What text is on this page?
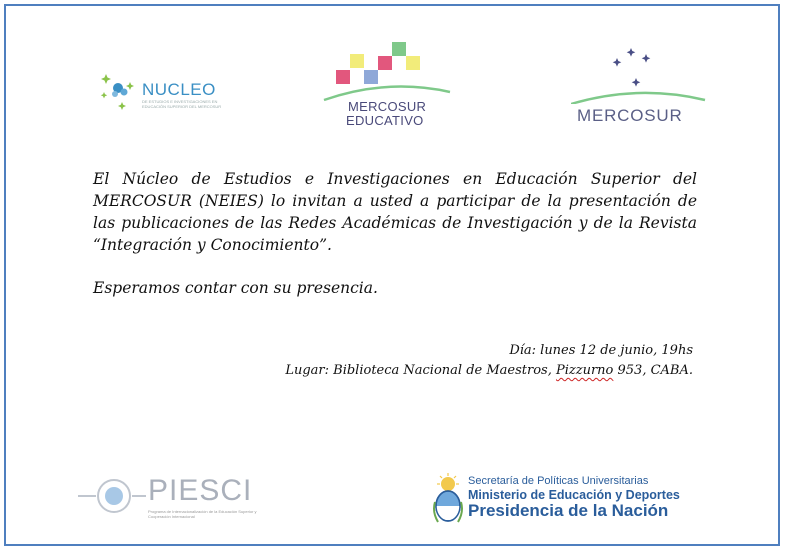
NUCLEO
DE ESTUDIOS E INVESTIGACIONES EN EDUCACIÓN SUPERIOR DEL MERCOSUR	MERCOSUR
EDUCATIVO	MERCOSUR

El Núcleo de Estudios e Investigaciones en Educación Superior del MERCOSUR (NEIES) lo invitan a usted a participar de la presentación de las publicaciones de las Redes Académicas de Investigación y de la Revista “Integración y Conocimiento”.

Esperamos contar con su presencia.

Día: lunes 12 de junio, 19hs
Lugar: Biblioteca Nacional de Maestros, Pizzurno 953, CABA.
PIESCI
Programa de Internacionalización de la Educación Superior y Cooperación Internacional
Secretaría de Políticas Universitarias
Ministerio de Educación y Deportes
Presidencia de la Nación
